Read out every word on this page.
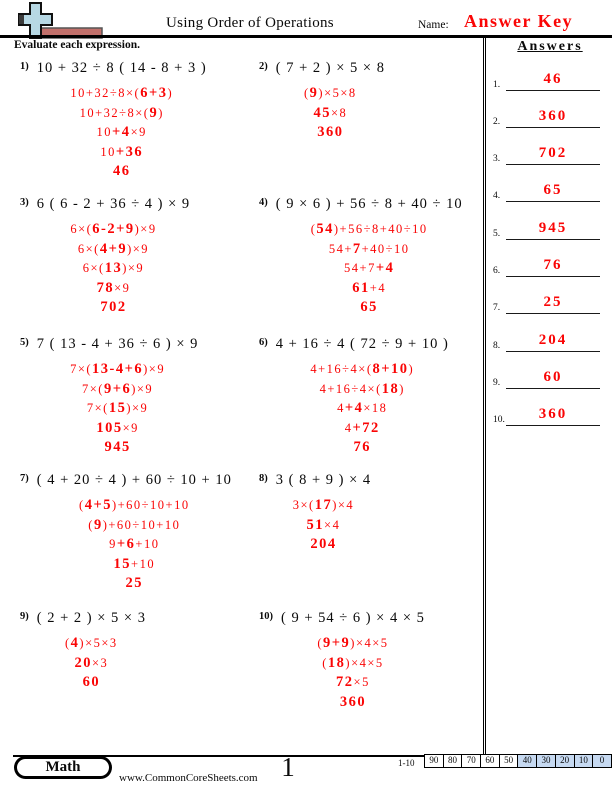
Using Order of Operations	Name: Answer Key
Evaluate each expression.	Answers
1.	46
2.	360
3.	702
4.	65
5.	945
6.	76
7.	25
8.	204
9.	60
10.	360
1) 10 + 32 ÷ 8 ( 14 - 8 + 3 )
10+32÷8×(6+3)
10+32÷8×(9)
10+4×9
10+36
46
2) ( 7 + 2 ) × 5 × 8
(9)×5×8
45×8
360
3) 6 ( 6 - 2 + 36 ÷ 4 ) × 9
6×(6-2+9)×9
6×(4+9)×9
6×(13)×9
78×9
702
4) ( 9 × 6 ) + 56 ÷ 8 + 40 ÷ 10
(54)+56÷8+40÷10
54+7+40÷10
54+7+4
61+4
65
5) 7 ( 13 - 4 + 36 ÷ 6 ) × 9
7×(13-4+6)×9
7×(9+6)×9
7×(15)×9
105×9
945
6) 4 + 16 ÷ 4 ( 72 ÷ 9 + 10 )
4+16÷4×(8+10)
4+16÷4×(18)
4+4×18
4+72
76
7) ( 4 + 20 ÷ 4 ) + 60 ÷ 10 + 10
(4+5)+60÷10+10
(9)+60÷10+10
9+6+10
15+10
25
8) 3 ( 8 + 9 ) × 4
3×(17)×4
51×4
204
9) ( 2 + 2 ) × 5 × 3
(4)×5×3
20×3
60
10) ( 9 + 54 ÷ 6 ) × 4 × 5
(9+9)×4×5
(18)×4×5
72×5
360
Math
www.CommonCoreSheets.com 1	1-10	90	80	70	60	50	40	30	20	10	0
